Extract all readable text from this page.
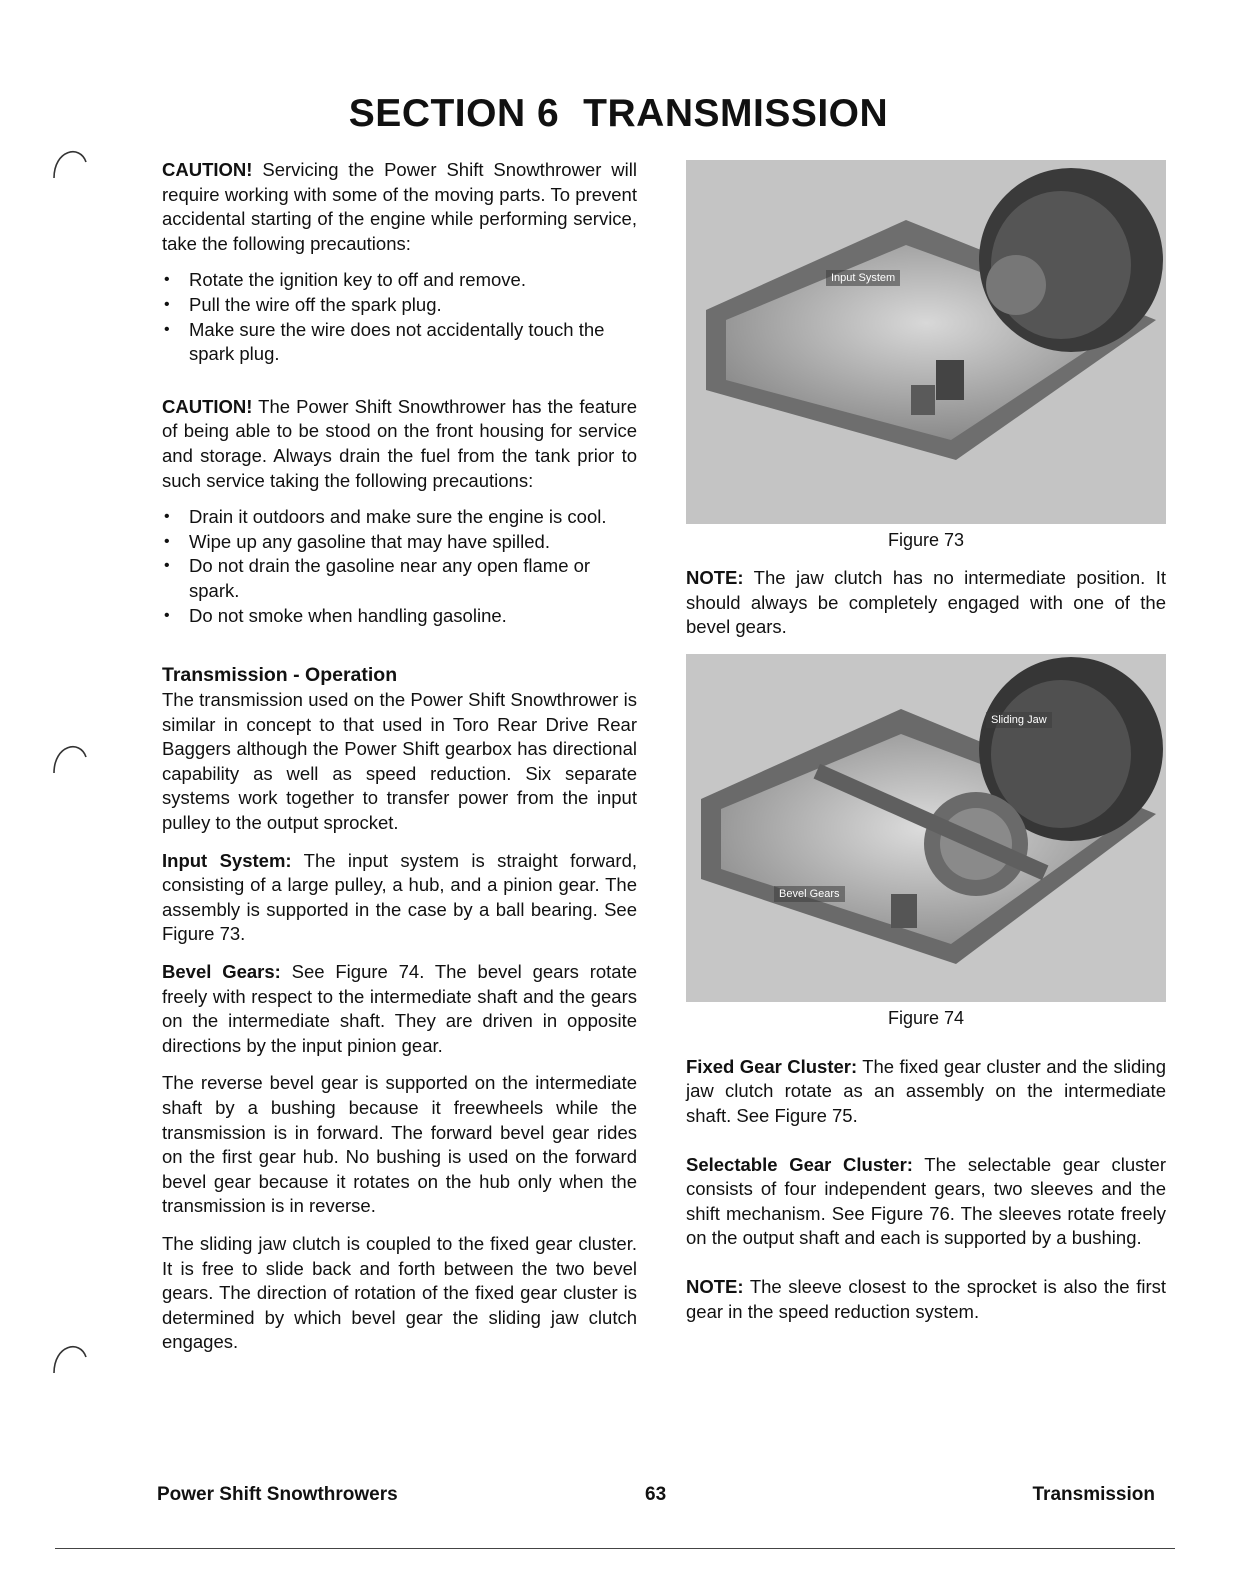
SECTION 6 TRANSMISSION

CAUTION! Servicing the Power Shift Snowthrower will require working with some of the moving parts. To prevent accidental starting of the engine while performing service, take the following precautions:

• Rotate the ignition key to off and remove.
• Pull the wire off the spark plug.
• Make sure the wire does not accidentally touch the spark plug.

CAUTION! The Power Shift Snowthrower has the feature of being able to be stood on the front housing for service and storage. Always drain the fuel from the tank prior to such service taking the following precautions:

• Drain it outdoors and make sure the engine is cool.
• Wipe up any gasoline that may have spilled.
• Do not drain the gasoline near any open flame or spark.
• Do not smoke when handling gasoline.
Transmission - Operation

The transmission used on the Power Shift Snowthrower is similar in concept to that used in Toro Rear Drive Rear Baggers although the Power Shift gearbox has directional capability as well as speed reduction. Six separate systems work together to transfer power from the input pulley to the output sprocket.

Input System: The input system is straight forward, consisting of a large pulley, a hub, and a pinion gear. The assembly is supported in the case by a ball bearing. See Figure 73.

Bevel Gears: See Figure 74. The bevel gears rotate freely with respect to the intermediate shaft and the gears on the intermediate shaft. They are driven in opposite directions by the input pinion gear.

The reverse bevel gear is supported on the intermediate shaft by a bushing because it freewheels while the transmission is in forward. The forward bevel gear rides on the first gear hub. No bushing is used on the forward bevel gear because it rotates on the hub only when the transmission is in reverse.

The sliding jaw clutch is coupled to the fixed gear cluster. It is free to slide back and forth between the two bevel gears. The direction of rotation of the fixed gear cluster is determined by which bevel gear the sliding jaw clutch engages.

Input System

Figure 73

NOTE: The jaw clutch has no intermediate position. It should always be completely engaged with one of the bevel gears.

Sliding Jaw
Bevel Gears

Figure 74

Fixed Gear Cluster: The fixed gear cluster and the sliding jaw clutch rotate as an assembly on the intermediate shaft. See Figure 75.

Selectable Gear Cluster: The selectable gear cluster consists of four independent gears, two sleeves and the shift mechanism. See Figure 76. The sleeves rotate freely on the output shaft and each is supported by a bushing.

NOTE: The sleeve closest to the sprocket is also the first gear in the speed reduction system.

Power Shift Snowthrowers	63	Transmission
